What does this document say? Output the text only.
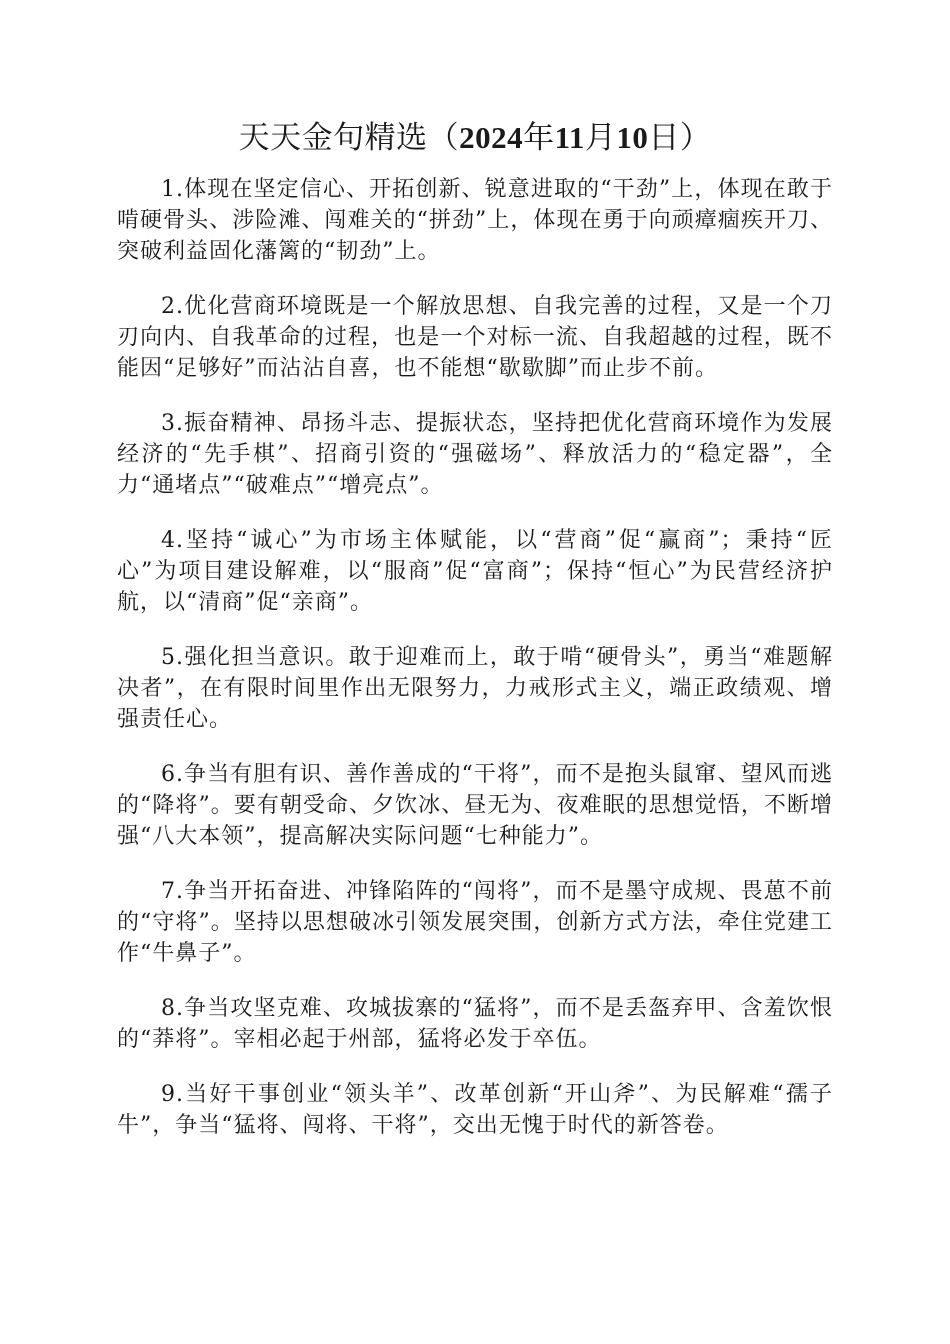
天天金句精选（2024年11月10日）

1.体现在坚定信心、开拓创新、锐意进取的“干劲”上，体现在敢于啃硬骨头、涉险滩、闯难关的“拼劲”上，体现在勇于向顽瘴痼疾开刀、突破利益固化藩篱的“韧劲”上。

2.优化营商环境既是一个解放思想、自我完善的过程，又是一个刀刃向内、自我革命的过程，也是一个对标一流、自我超越的过程，既不能因“足够好”而沾沾自喜，也不能想“歇歇脚”而止步不前。

3.振奋精神、昂扬斗志、提振状态，坚持把优化营商环境作为发展经济的“先手棋”、招商引资的“强磁场”、释放活力的“稳定器”，全力“通堵点”“破难点”“增亮点”。

4.坚持“诚心”为市场主体赋能，以“营商”促“赢商”；秉持“匠心”为项目建设解难，以“服商”促“富商”；保持“恒心”为民营经济护航，以“清商”促“亲商”。

5.强化担当意识。敢于迎难而上，敢于啃“硬骨头”，勇当“难题解决者”，在有限时间里作出无限努力，力戒形式主义，端正政绩观、增强责任心。

6.争当有胆有识、善作善成的“干将”，而不是抱头鼠窜、望风而逃的“降将”。要有朝受命、夕饮冰、昼无为、夜难眠的思想觉悟，不断增强“八大本领”，提高解决实际问题“七种能力”。

7.争当开拓奋进、冲锋陷阵的“闯将”，而不是墨守成规、畏葸不前的“守将”。坚持以思想破冰引领发展突围，创新方式方法，牵住党建工作“牛鼻子”。

8.争当攻坚克难、攻城拔寨的“猛将”，而不是丢盔弃甲、含羞饮恨的“莽将”。宰相必起于州部，猛将必发于卒伍。

9.当好干事创业“领头羊”、改革创新“开山斧”、为民解难“孺子牛”，争当“猛将、闯将、干将”，交出无愧于时代的新答卷。
